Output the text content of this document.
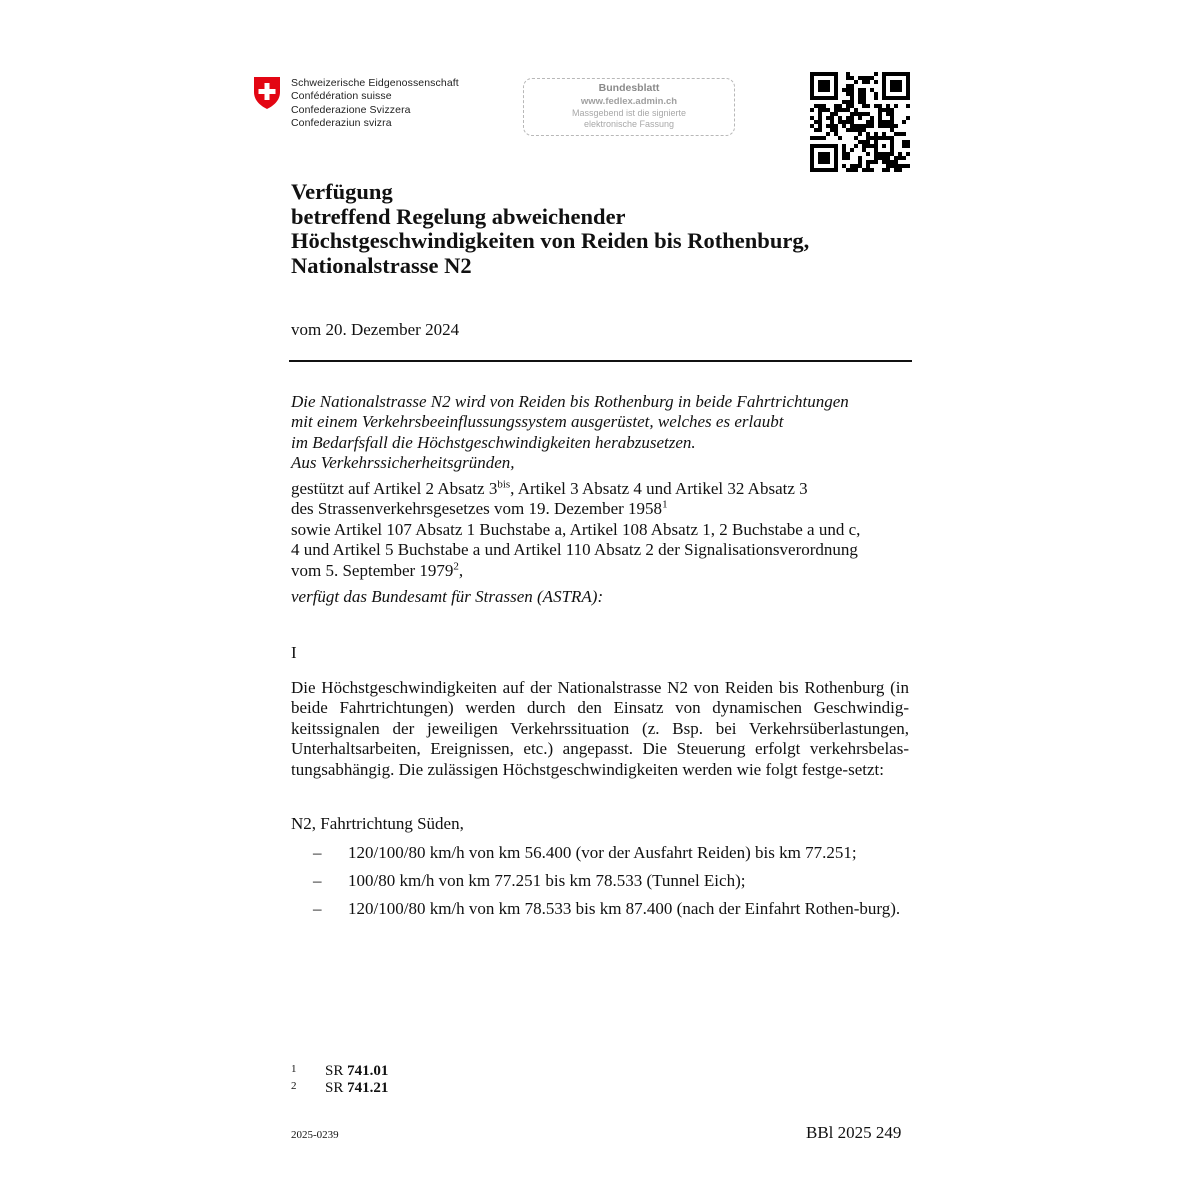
Schweizerische Eidgenossenschaft
Confédération suisse
Confederazione Svizzera
Confederaziun svizra
Bundesblatt
www.fedlex.admin.ch
Massgebend ist die signierte
elektronische Fassung
Verfügung
betreffend Regelung abweichender
Höchstgeschwindigkeiten von Reiden bis Rothenburg,
Nationalstrasse N2
vom 20. Dezember 2024
Die Nationalstrasse N2 wird von Reiden bis Rothenburg in beide Fahrtrichtungen
mit einem Verkehrsbeeinflussungssystem ausgerüstet, welches es erlaubt
im Bedarfsfall die Höchstgeschwindigkeiten herabzusetzen.
Aus Verkehrssicherheitsgründen,
gestützt auf Artikel 2 Absatz $3^{bis}$, Artikel 3 Absatz 4 und Artikel 32 Absatz 3
des Strassenverkehrsgesetzes vom 19. Dezember 1958$^1$
sowie Artikel 107 Absatz 1 Buchstabe a, Artikel 108 Absatz 1, 2 Buchstabe a und c,
4 und Artikel 5 Buchstabe a und Artikel 110 Absatz 2 der Signalisationsverordnung
vom 5. September 1979$^2$,
verfügt das Bundesamt für Strassen (ASTRA):
I
Die Höchstgeschwindigkeiten auf der Nationalstrasse N2 von Reiden bis Rothenburg (in beide Fahrtrichtungen) werden durch den Einsatz von dynamischen Geschwindig-keitssignalen der jeweiligen Verkehrssituation (z. Bsp. bei Verkehrsüberlastungen, Unterhaltsarbeiten, Ereignissen, etc.) angepasst. Die Steuerung erfolgt verkehrsbelas-tungsabhängig. Die zulässigen Höchstgeschwindigkeiten werden wie folgt festge-setzt:
N2, Fahrtrichtung Süden,
– 120/100/80 km/h von km 56.400 (vor der Ausfahrt Reiden) bis km 77.251;
– 100/80 km/h von km 77.251 bis km 78.533 (Tunnel Eich);
– 120/100/80 km/h von km 78.533 bis km 87.400 (nach der Einfahrt Rothen-burg).
1 SR 741.01
2 SR 741.21
2025-0239	BBl 2025 249
